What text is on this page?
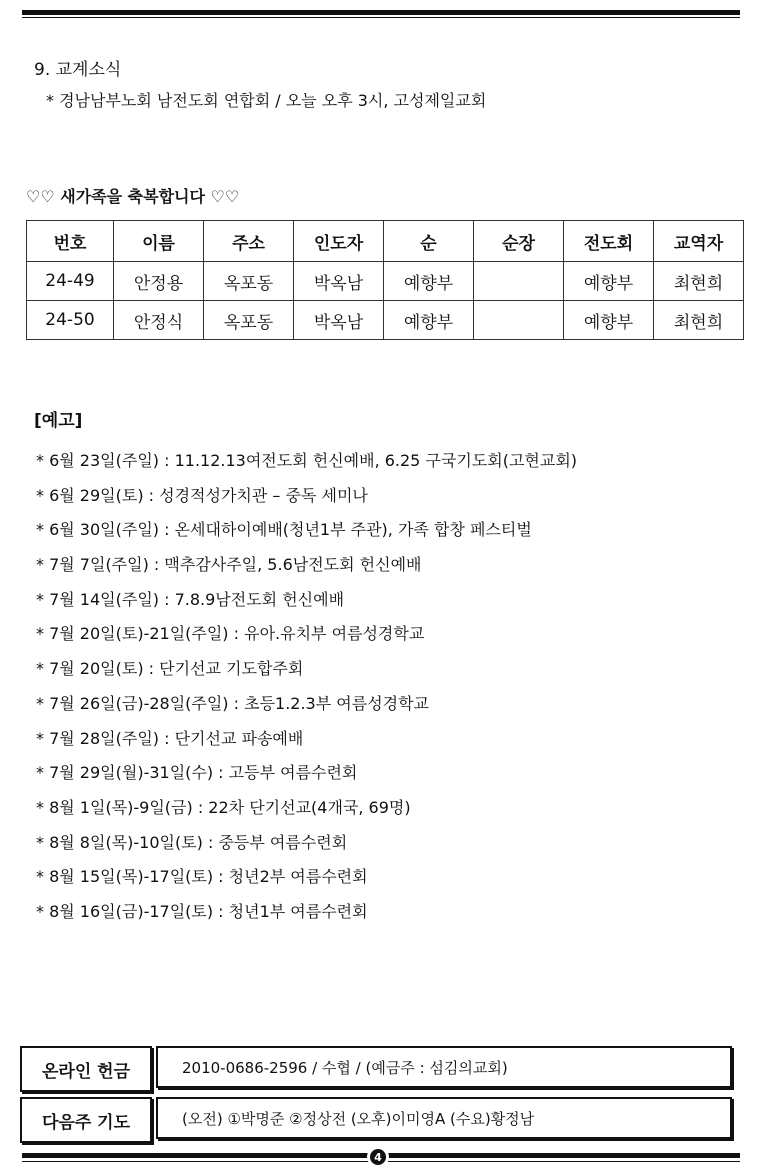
9. 교계소식
* 경남남부노회 남전도회 연합회 / 오늘 오후 3시, 고성제일교회
♡♡ 새가족을 축복합니다 ♡♡
번호	이름	주소	인도자	순	순장	전도회	교역자
24-49	안정용	옥포동	박옥남	예향부		예향부	최현희
24-50	안정식	옥포동	박옥남	예향부		예향부	최현희
[예고]
* 6월 23일(주일) : 11.12.13여전도회 헌신예배, 6.25 구국기도회(고현교회)
* 6월 29일(토) : 성경적성가치관 – 중독 세미나
* 6월 30일(주일) : 온세대하이예배(청년1부 주관), 가족 합창 페스티벌
* 7월 7일(주일) : 맥추감사주일, 5.6남전도회 헌신예배
* 7월 14일(주일) : 7.8.9남전도회 헌신예배
* 7월 20일(토)-21일(주일) : 유아.유치부 여름성경학교
* 7월 20일(토) : 단기선교 기도합주회
* 7월 26일(금)-28일(주일) : 초등1.2.3부 여름성경학교
* 7월 28일(주일) : 단기선교 파송예배
* 7월 29일(월)-31일(수) : 고등부 여름수련회
* 8월 1일(목)-9일(금) : 22차 단기선교(4개국, 69명)
* 8월 8일(목)-10일(토) : 중등부 여름수련회
* 8월 15일(목)-17일(토) : 청년2부 여름수련회
* 8월 16일(금)-17일(토) : 청년1부 여름수련회
온라인 헌금	2010-0686-2596 / 수협 / (예금주 : 섬김의교회)
다음주 기도	(오전) ①박명준 ②정상전 (오후)이미영A (수요)황정남
4
